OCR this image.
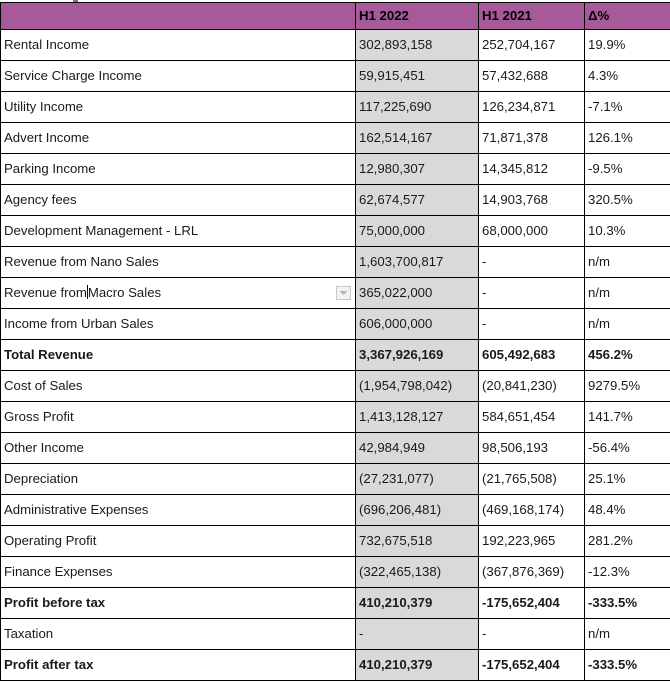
	H1 2022	H1 2021	Δ%
Rental Income	302,893,158	252,704,167	19.9%
Service Charge Income	59,915,451	57,432,688	4.3%
Utility Income	117,225,690	126,234,871	-7.1%
Advert Income	162,514,167	71,871,378	126.1%
Parking Income	12,980,307	14,345,812	-9.5%
Agency fees	62,674,577	14,903,768	320.5%
Development Management - LRL	75,000,000	68,000,000	10.3%
Revenue from Nano Sales	1,603,700,817	-	n/m
Revenue fromMacro Sales	365,022,000	-	n/m
Income from Urban Sales	606,000,000	-	n/m
Total Revenue	3,367,926,169	605,492,683	456.2%
Cost of Sales	(1,954,798,042)	(20,841,230)	9279.5%
Gross Profit	1,413,128,127	584,651,454	141.7%
Other Income	42,984,949	98,506,193	-56.4%
Depreciation	(27,231,077)	(21,765,508)	25.1%
Administrative Expenses	(696,206,481)	(469,168,174)	48.4%
Operating Profit	732,675,518	192,223,965	281.2%
Finance Expenses	(322,465,138)	(367,876,369)	-12.3%
Profit before tax	410,210,379	-175,652,404	-333.5%
Taxation	-	-	n/m
Profit after tax	410,210,379	-175,652,404	-333.5%
